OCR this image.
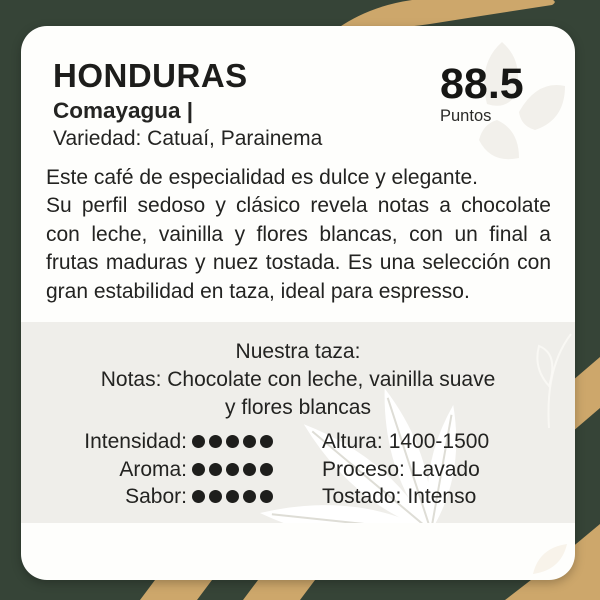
HONDURAS
Comayagua |
Variedad: Catuaí, Parainema
88.5
Puntos
Este café de especialidad es dulce y elegante.
Su perfil sedoso y clásico revela notas a chocolate
con leche, vainilla y flores blancas, con un final a
frutas maduras y nuez tostada. Es una selección con
gran estabilidad en taza, ideal para espresso.
Nuestra taza:
Notas: Chocolate con leche, vainilla suave
y flores blancas
Intensidad:	Altura: 1400-1500
Aroma:	Proceso: Lavado
Sabor:	Tostado: Intenso
